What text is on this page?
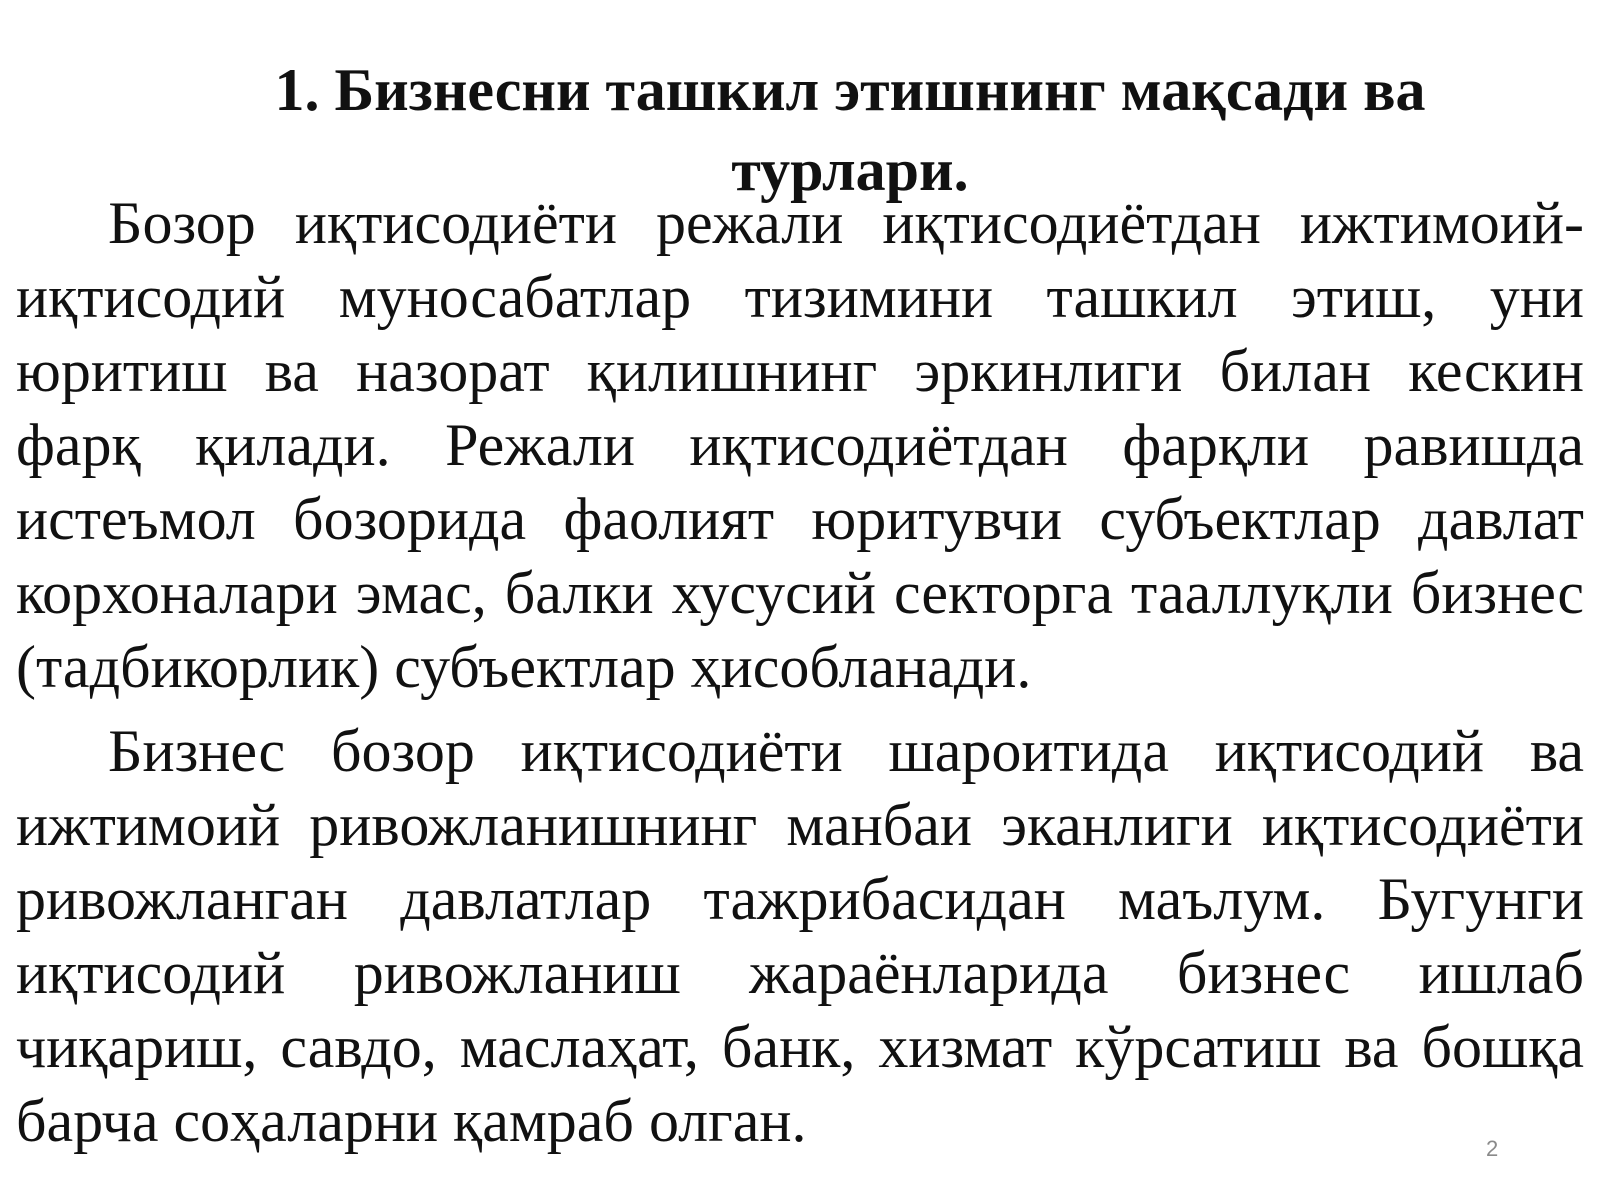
1. Бизнесни ташкил этишнинг мақсади ва
турлари.

Бозор иқтисодиёти режали иқтисодиётдан ижтимоий-иқтисодий муносабатлар тизимини ташкил этиш, уни юритиш ва назорат қилишнинг эркинлиги билан кескин фарқ қилади. Режали иқтисодиётдан фарқли равишда истеъмол бозорида фаолият юритувчи субъектлар давлат корхоналари эмас, балки хусусий секторга тааллуқли бизнес (тадбикорлик) субъектлар ҳисобланади.

Бизнес бозор иқтисодиёти шароитида иқтисодий ва ижтимоий ривожланишнинг манбаи эканлиги иқтисодиёти ривожланган давлатлар тажрибасидан маълум. Бугунги иқтисодий ривожланиш жараёнларида бизнес ишлаб чиқариш, савдо, маслаҳат, банк, хизмат кўрсатиш ва бошқа барча соҳаларни қамраб олган.	2
